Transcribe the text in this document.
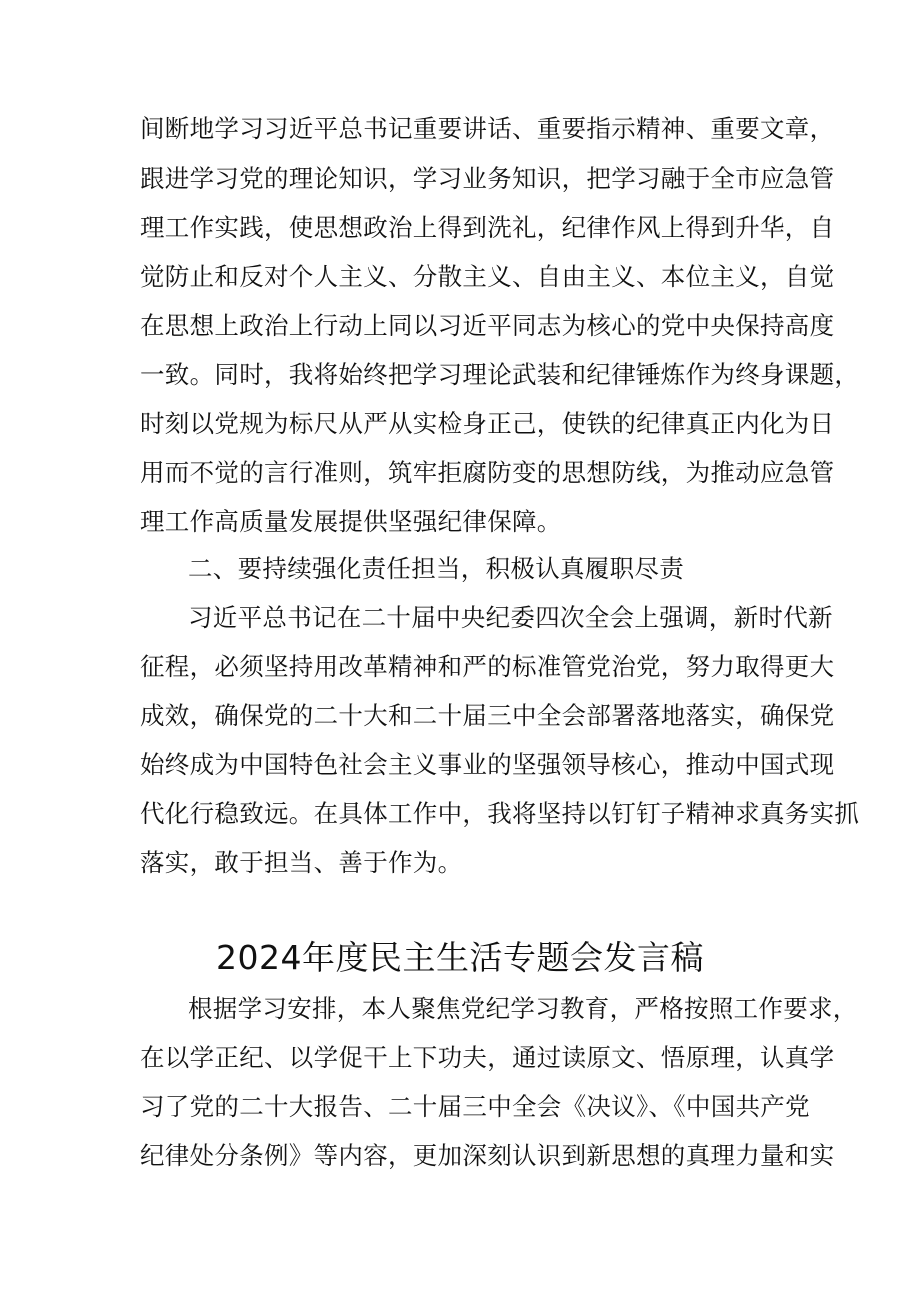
间断地学习习近平总书记重要讲话、重要指示精神、重要文章，
跟进学习党的理论知识，学习业务知识，把学习融于全市应急管
理工作实践，使思想政治上得到洗礼，纪律作风上得到升华，自
觉防止和反对个人主义、分散主义、自由主义、本位主义，自觉
在思想上政治上行动上同以习近平同志为核心的党中央保持高度
一致。同时，我将始终把学习理论武装和纪律锤炼作为终身课题，
时刻以党规为标尺从严从实检身正己，使铁的纪律真正内化为日
用而不觉的言行准则，筑牢拒腐防变的思想防线，为推动应急管
理工作高质量发展提供坚强纪律保障。
二、要持续强化责任担当，积极认真履职尽责
习近平总书记在二十届中央纪委四次全会上强调，新时代新
征程，必须坚持用改革精神和严的标准管党治党，努力取得更大
成效，确保党的二十大和二十届三中全会部署落地落实，确保党
始终成为中国特色社会主义事业的坚强领导核心，推动中国式现
代化行稳致远。在具体工作中，我将坚持以钉钉子精神求真务实抓
落实，敢于担当、善于作为。
2024年度民主生活专题会发言稿
根据学习安排，本人聚焦党纪学习教育，严格按照工作要求，
在以学正纪、以学促干上下功夫，通过读原文、悟原理，认真学
习了党的二十大报告、二十届三中全会《决议》、《中国共产党
纪律处分条例》等内容，更加深刻认识到新思想的真理力量和实
